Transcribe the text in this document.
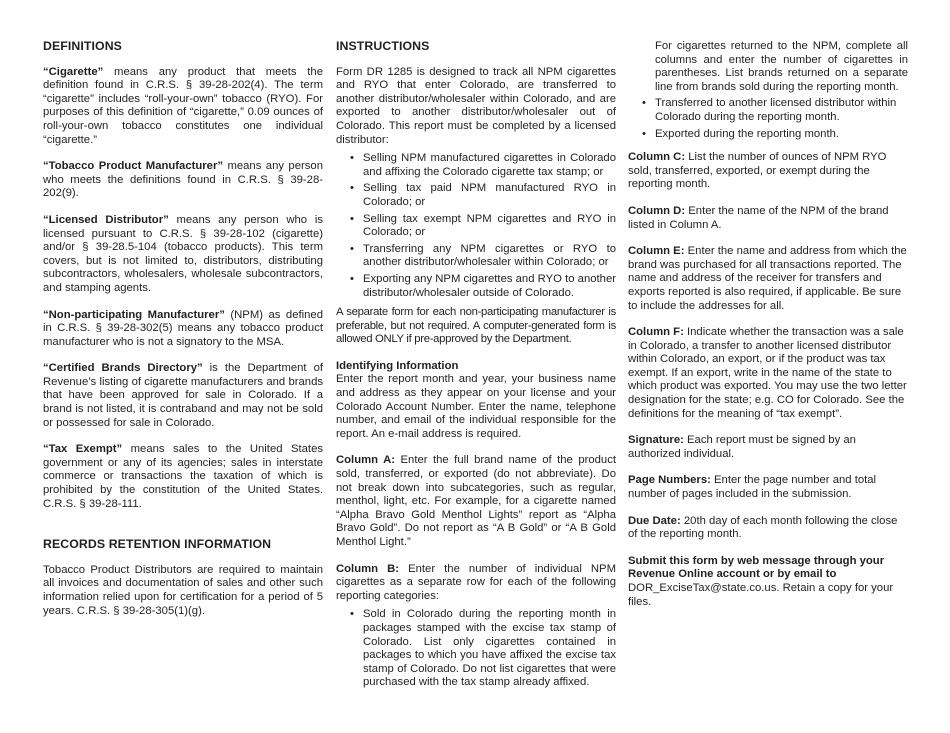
DEFINITIONS

“Cigarette” means any product that meets the definition found in C.R.S. § 39-28-202(4). The term “cigarette” includes “roll-your-own” tobacco (RYO). For purposes of this definition of “cigarette,” 0.09 ounces of roll-your-own tobacco constitutes one individual “cigarette.”

“Tobacco Product Manufacturer” means any person who meets the definitions found in C.R.S. § 39-28-202(9).

“Licensed Distributor” means any person who is licensed pursuant to C.R.S. § 39-28-102 (cigarette) and/or § 39-28.5-104 (tobacco products). This term covers, but is not limited to, distributors, distributing subcontractors, wholesalers, wholesale subcontractors, and stamping agents.

“Non-participating Manufacturer” (NPM) as defined in C.R.S. § 39-28-302(5) means any tobacco product manufacturer who is not a signatory to the MSA.

“Certified Brands Directory” is the Department of Revenue’s listing of cigarette manufacturers and brands that have been approved for sale in Colorado. If a brand is not listed, it is contraband and may not be sold or possessed for sale in Colorado.

“Tax Exempt” means sales to the United States government or any of its agencies; sales in interstate commerce or transactions the taxation of which is prohibited by the constitution of the United States. C.R.S. § 39-28-111.

RECORDS RETENTION INFORMATION

Tobacco Product Distributors are required to maintain all invoices and documentation of sales and other such information relied upon for certification for a period of 5 years. C.R.S. § 39-28-305(1)(g).

INSTRUCTIONS

Form DR 1285 is designed to track all NPM cigarettes and RYO that enter Colorado, are transferred to another distributor/wholesaler within Colorado, and are exported to another distributor/wholesaler out of Colorado. This report must be completed by a licensed distributor:

• Selling NPM manufactured cigarettes in Colorado and affixing the Colorado cigarette tax stamp; or
• Selling tax paid NPM manufactured RYO in Colorado; or
• Selling tax exempt NPM cigarettes and RYO in Colorado; or
• Transferring any NPM cigarettes or RYO to another distributor/wholesaler within Colorado; or
• Exporting any NPM cigarettes and RYO to another distributor/wholesaler outside of Colorado.

A separate form for each non-participating manufacturer is preferable, but not required. A computer-generated form is allowed ONLY if pre-approved by the Department.

Identifying Information

Enter the report month and year, your business name and address as they appear on your license and your Colorado Account Number. Enter the name, telephone number, and email of the individual responsible for the report. An e-mail address is required.

Column A: Enter the full brand name of the product sold, transferred, or exported (do not abbreviate). Do not break down into subcategories, such as regular, menthol, light, etc. For example, for a cigarette named “Alpha Bravo Gold Menthol Lights” report as “Alpha Bravo Gold”. Do not report as “A B Gold” or “A B Gold Menthol Light.”

Column B: Enter the number of individual NPM cigarettes as a separate row for each of the following reporting categories:

• Sold in Colorado during the reporting month in packages stamped with the excise tax stamp of Colorado. List only cigarettes contained in packages to which you have affixed the excise tax stamp of Colorado. Do not list cigarettes that were purchased with the tax stamp already affixed.

For cigarettes returned to the NPM, complete all columns and enter the number of cigarettes in parentheses. List brands returned on a separate line from brands sold during the reporting month.

• Transferred to another licensed distributor within Colorado during the reporting month.
• Exported during the reporting month.

Column C: List the number of ounces of NPM RYO sold, transferred, exported, or exempt during the reporting month.

Column D: Enter the name of the NPM of the brand listed in Column A.

Column E: Enter the name and address from which the brand was purchased for all transactions reported. The name and address of the receiver for transfers and exports reported is also required, if applicable. Be sure to include the addresses for all.

Column F: Indicate whether the transaction was a sale in Colorado, a transfer to another licensed distributor within Colorado, an export, or if the product was tax exempt. If an export, write in the name of the state to which product was exported. You may use the two letter designation for the state; e.g. CO for Colorado. See the definitions for the meaning of “tax exempt”.

Signature: Each report must be signed by an authorized individual.

Page Numbers: Enter the page number and total number of pages included in the submission.

Due Date: 20th day of each month following the close of the reporting month.

Submit this form by web message through your Revenue Online account or by email to DOR_ExciseTax@state.co.us. Retain a copy for your files.
